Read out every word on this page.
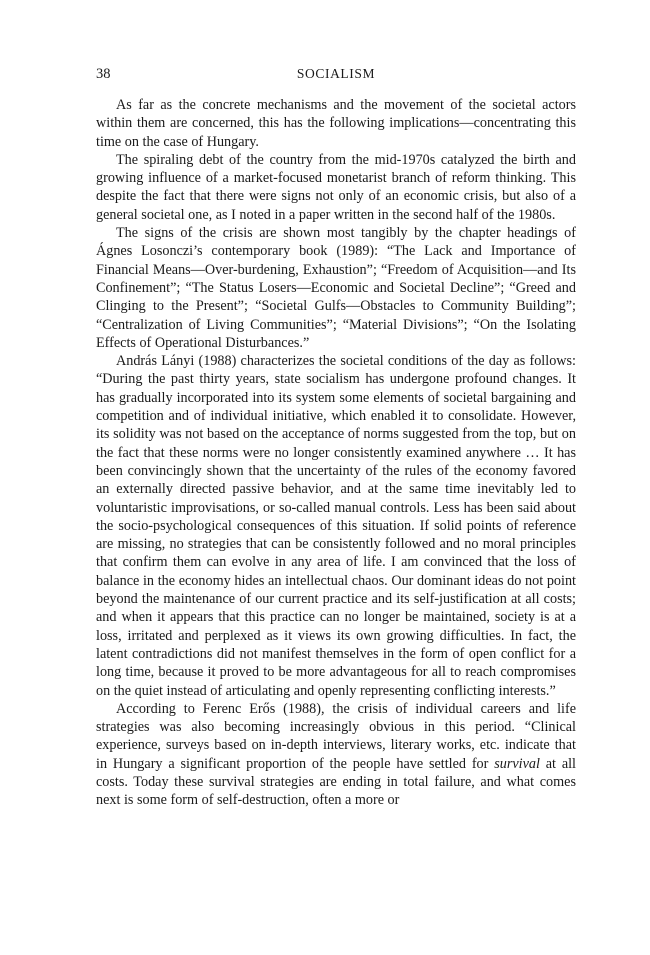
38	SOCIALISM

As far as the concrete mechanisms and the movement of the societal actors within them are concerned, this has the following implications—concentrating this time on the case of Hungary.

The spiraling debt of the country from the mid-1970s catalyzed the birth and growing influence of a market-focused monetarist branch of reform thinking. This despite the fact that there were signs not only of an economic crisis, but also of a general societal one, as I noted in a paper written in the second half of the 1980s.

The signs of the crisis are shown most tangibly by the chapter headings of Ágnes Losonczi’s contemporary book (1989): “The Lack and Importance of Financial Means—Over-burdening, Exhaustion”; “Freedom of Acquisition—and Its Confinement”; “The Status Losers—Economic and Societal Decline”; “Greed and Clinging to the Present”; “Societal Gulfs—Obstacles to Community Building”; “Centralization of Living Communities”; “Material Divisions”; “On the Isolating Effects of Operational Disturbances.”

András Lányi (1988) characterizes the societal conditions of the day as follows: “During the past thirty years, state socialism has undergone profound changes. It has gradually incorporated into its system some elements of societal bargaining and competition and of individual initiative, which enabled it to consolidate. However, its solidity was not based on the acceptance of norms suggested from the top, but on the fact that these norms were no longer consistently examined anywhere … It has been convincingly shown that the uncertainty of the rules of the economy favored an externally directed passive behavior, and at the same time inevitably led to voluntaristic improvisations, or so-called manual controls. Less has been said about the socio-psychological consequences of this situation. If solid points of reference are missing, no strategies that can be consistently followed and no moral principles that confirm them can evolve in any area of life. I am convinced that the loss of balance in the economy hides an intellectual chaos. Our dominant ideas do not point beyond the maintenance of our current practice and its self-justification at all costs; and when it appears that this practice can no longer be maintained, society is at a loss, irritated and perplexed as it views its own growing difficulties. In fact, the latent contradictions did not manifest themselves in the form of open conflict for a long time, because it proved to be more advantageous for all to reach compromises on the quiet instead of articulating and openly representing conflicting interests.”

According to Ferenc Erős (1988), the crisis of individual careers and life strategies was also becoming increasingly obvious in this period. “Clinical experience, surveys based on in-depth interviews, literary works, etc. indicate that in Hungary a significant proportion of the people have settled for survival at all costs. Today these survival strategies are ending in total failure, and what comes next is some form of self-destruction, often a more or
